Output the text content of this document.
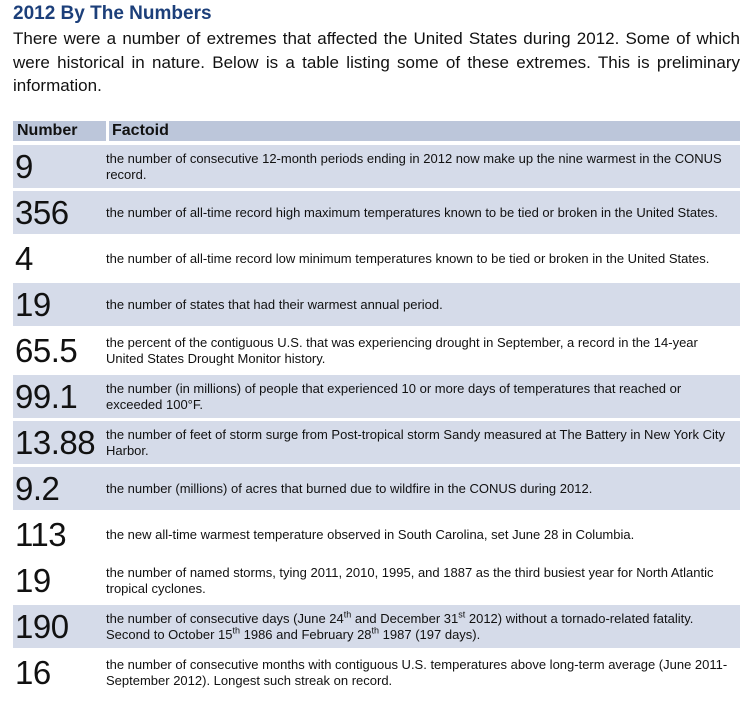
2012 By The Numbers

There were a number of extremes that affected the United States during 2012. Some of which were historical in nature. Below is a table listing some of these extremes. This is preliminary information.

Number	Factoid
9	the number of consecutive 12-month periods ending in 2012 now make up the nine warmest in the CONUS record.
356	the number of all-time record high maximum temperatures known to be tied or broken in the United States.
4	the number of all-time record low minimum temperatures known to be tied or broken in the United States.
19	the number of states that had their warmest annual period.
65.5	the percent of the contiguous U.S. that was experiencing drought in September, a record in the 14-year United States Drought Monitor history.
99.1	the number (in millions) of people that experienced 10 or more days of temperatures that reached or exceeded 100°F.
13.88	the number of feet of storm surge from Post-tropical storm Sandy measured at The Battery in New York City Harbor.
9.2	the number (millions) of acres that burned due to wildfire in the CONUS during 2012.
113	the new all-time warmest temperature observed in South Carolina, set June 28 in Columbia.
19	the number of named storms, tying 2011, 2010, 1995, and 1887 as the third busiest year for North Atlantic tropical cyclones.
190	the number of consecutive days (June 24th and December 31st 2012) without a tornado-related fatality. Second to October 15th 1986 and February 28th 1987 (197 days).
16	the number of consecutive months with contiguous U.S. temperatures above long-term average (June 2011-September 2012). Longest such streak on record.
